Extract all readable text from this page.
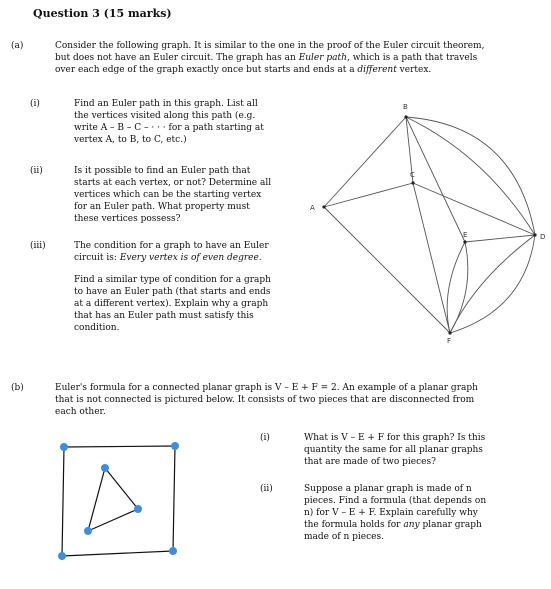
Question 3 (15 marks)
(a)	Consider the following graph. It is similar to the one in the proof of the Euler circuit theorem, but does not have an Euler circuit. The graph has an Euler path, which is a path that travels over each edge of the graph exactly once but starts and ends at a different vertex.
(i)	Find an Euler path in this graph. List all the vertices visited along this path (e.g. write A – B – C – · · · for a path starting at vertex A, to B, to C, etc.)
(ii)	Is it possible to find an Euler path that starts at each vertex, or not? Determine all vertices which can be the starting vertex for an Euler path. What property must these vertices possess?
(iii)	The condition for a graph to have an Euler circuit is: Every vertex is of even degree.
Find a similar type of condition for a graph to have an Euler path (that starts and ends at a different vertex). Explain why a graph that has an Euler path must satisfy this condition.
A
B
C
D
E
F
(b)	Euler's formula for a connected planar graph is V – E + F = 2. An example of a planar graph that is not connected is pictured below. It consists of two pieces that are disconnected from each other.
(i)	What is V – E + F for this graph? Is this quantity the same for all planar graphs that are made of two pieces?
(ii)	Suppose a planar graph is made of n pieces. Find a formula (that depends on n) for V – E + F. Explain carefully why the formula holds for any planar graph made of n pieces.
